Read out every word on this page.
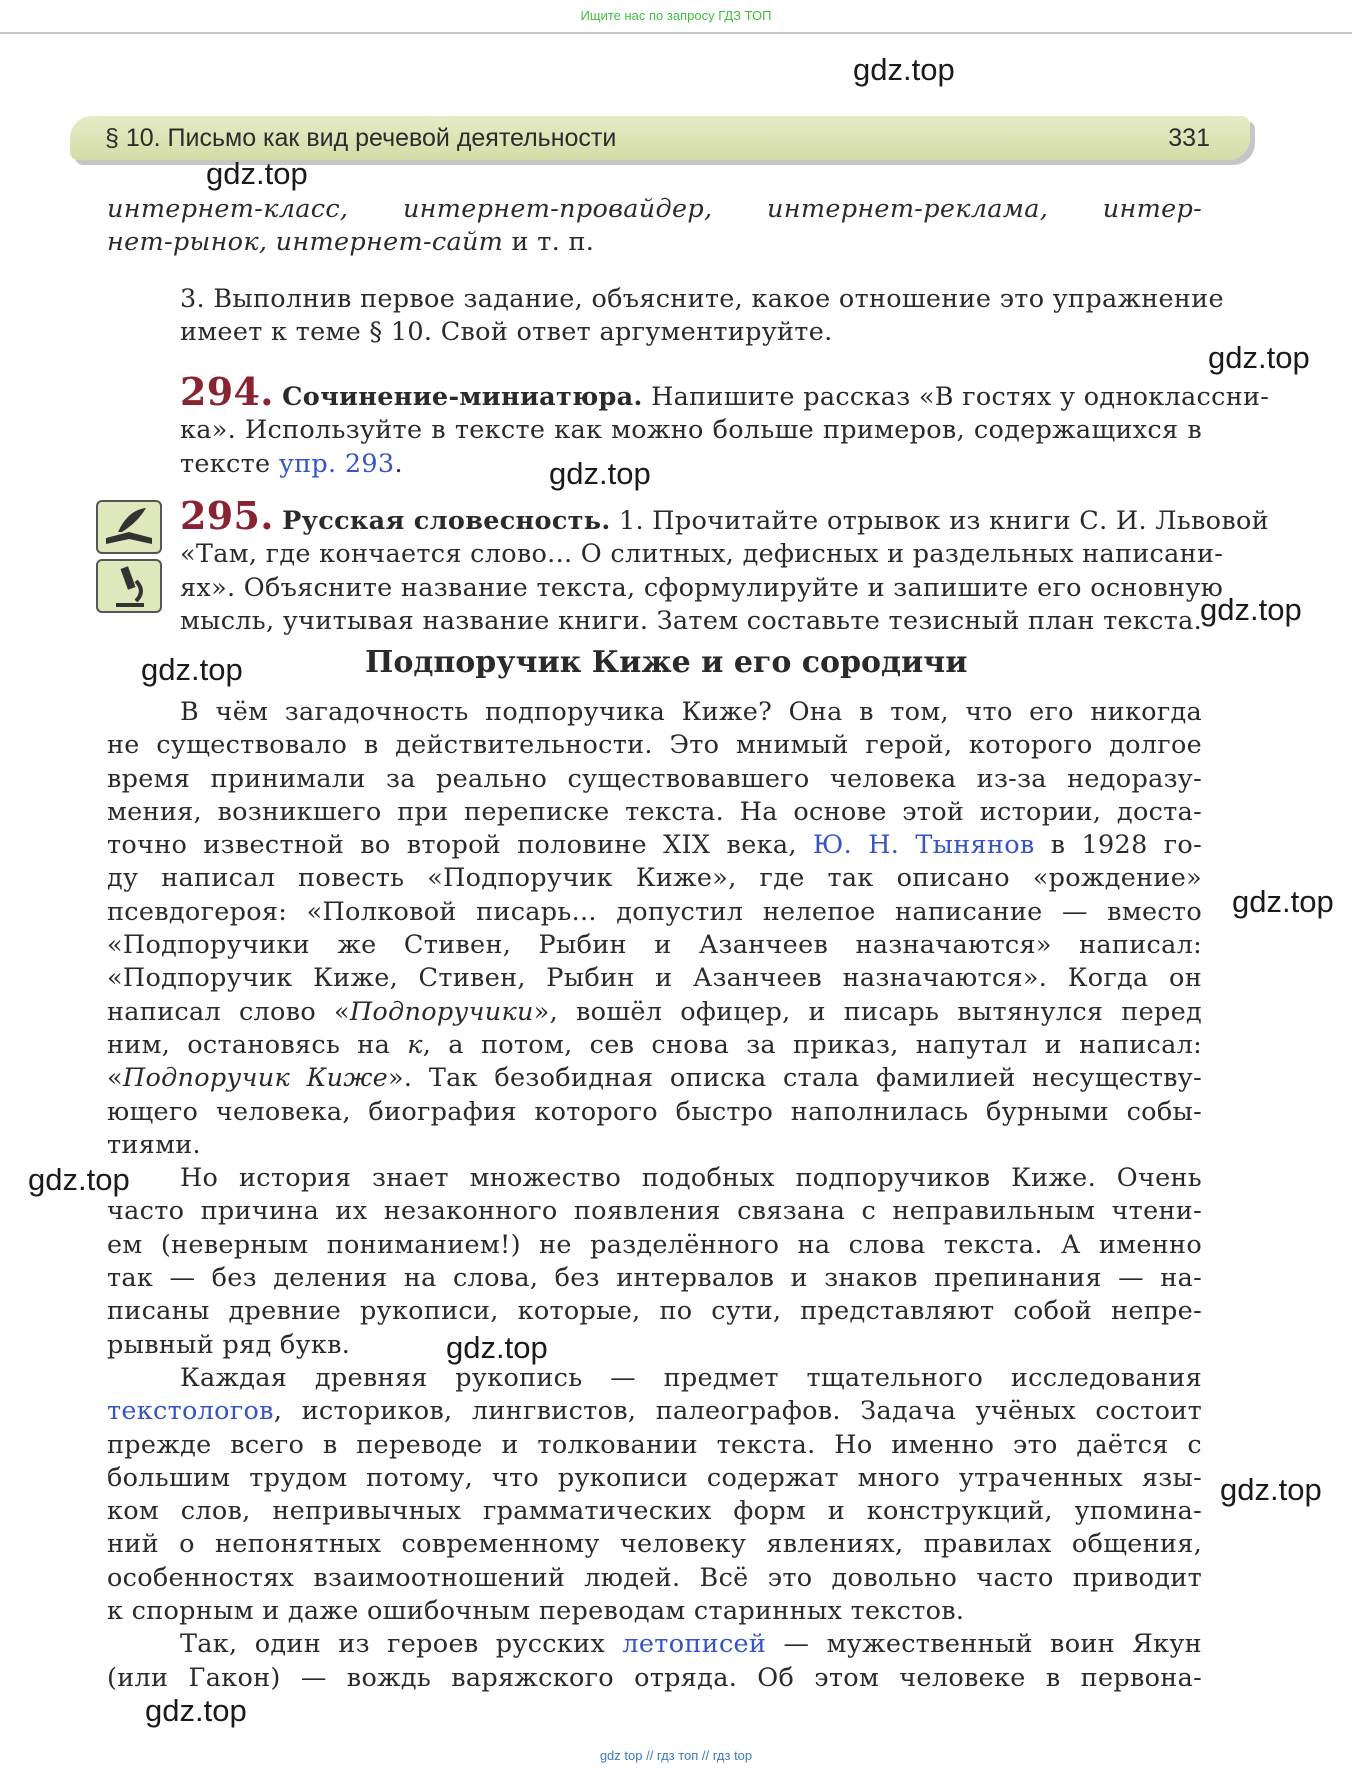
Ищите нас по запросу ГДЗ ТОП
§ 10. Письмо как вид речевой деятельности	331
интернет-класс, интернет-провайдер, интернет-реклама, интер-
нет-рынок, интернет-сайт и т. п.
3. Выполнив первое задание, объясните, какое отношение это упражнение
имеет к теме § 10. Свой ответ аргументируйте.
294. Сочинение-миниатюра. Напишите рассказ «В гостях у одноклассни-
ка». Используйте в тексте как можно больше примеров, содержащихся в
тексте упр. 293.
295. Русская словесность. 1. Прочитайте отрывок из книги С. И. Львовой
«Там, где кончается слово... О слитных, дефисных и раздельных написани-
ях». Объясните название текста, сформулируйте и запишите его основную
мысль, учитывая название книги. Затем составьте тезисный план текста.
Подпоручик Киже и его сородичи
В чём загадочность подпоручика Киже? Она в том, что его никогда
не существовало в действительности. Это мнимый герой, которого долгое
время принимали за реально существовавшего человека из-за недоразу-
мения, возникшего при переписке текста. На основе этой истории, доста-
точно известной во второй половине XIX века, Ю. Н. Тынянов в 1928 го-
ду написал повесть «Подпоручик Киже», где так описано «рождение»
псевдогероя: «Полковой писарь... допустил нелепое написание — вместо
«Подпоручики же Стивен, Рыбин и Азанчеев назначаются» написал:
«Подпоручик Киже, Стивен, Рыбин и Азанчеев назначаются». Когда он
написал слово «Подпоручики», вошёл офицер, и писарь вытянулся перед
ним, остановясь на к, а потом, сев снова за приказ, напутал и написал:
«Подпоручик Киже». Так безобидная описка стала фамилией несуществу-
ющего человека, биография которого быстро наполнилась бурными собы-
тиями.
Но история знает множество подобных подпоручиков Киже. Очень
часто причина их незаконного появления связана с неправильным чтени-
ем (неверным пониманием!) не разделённого на слова текста. А именно
так — без деления на слова, без интервалов и знаков препинания — на-
писаны древние рукописи, которые, по сути, представляют собой непре-
рывный ряд букв.
Каждая древняя рукопись — предмет тщательного исследования
текстологов, историков, лингвистов, палеографов. Задача учёных состоит
прежде всего в переводе и толковании текста. Но именно это даётся с
большим трудом потому, что рукописи содержат много утраченных язы-
ком слов, непривычных грамматических форм и конструкций, упомина-
ний о непонятных современному человеку явлениях, правилах общения,
особенностях взаимоотношений людей. Всё это довольно часто приводит
к спорным и даже ошибочным переводам старинных текстов.
Так, один из героев русских летописей — мужественный воин Якун
(или Гакон) — вождь варяжского отряда. Об этом человеке в первона-
gdz.top
gdz.top
gdz.top
gdz.top
gdz.top
gdz.top
gdz.top
gdz.top
gdz.top
gdz.top
gdz.top
gdz top // гдз топ // гдз top
